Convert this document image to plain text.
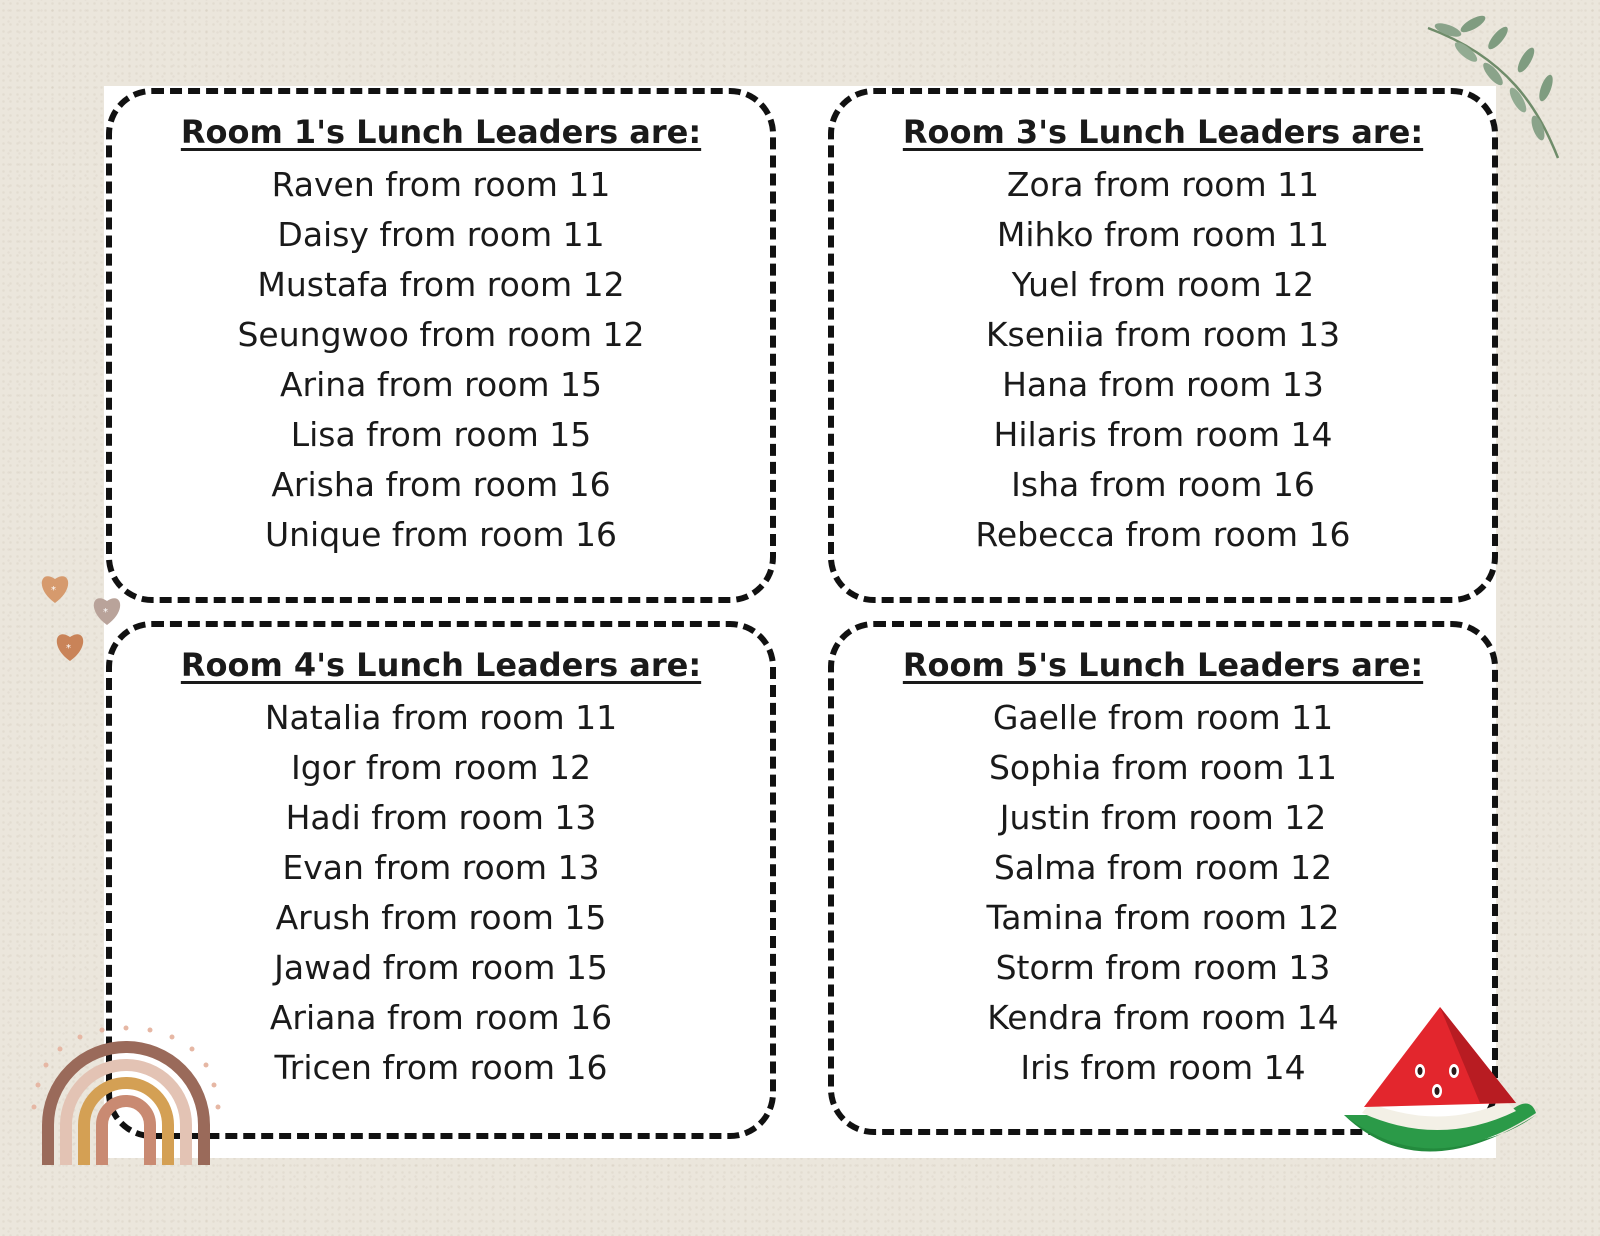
Room 1's Lunch Leaders are:
Raven from room 11
Daisy from room 11
Mustafa from room 12
Seungwoo from room 12
Arina from room 15
Lisa from room 15
Arisha from room 16
Unique from room 16
Room 3's Lunch Leaders are:
Zora from room 11
Mihko from room 11
Yuel from room 12
Kseniia from room 13
Hana from room 13
Hilaris from room 14
Isha from room 16
Rebecca from room 16
Room 4's Lunch Leaders are:
Natalia from room 11
Igor from room 12
Hadi from room 13
Evan from room 13
Arush from room 15
Jawad from room 15
Ariana from room 16
Tricen from room 16
Room 5's Lunch Leaders are:
Gaelle from room 11
Sophia from room 11
Justin from room 12
Salma from room 12
Tamina from room 12
Storm from room 13
Kendra from room 14
Iris from room 14
*
*
*
